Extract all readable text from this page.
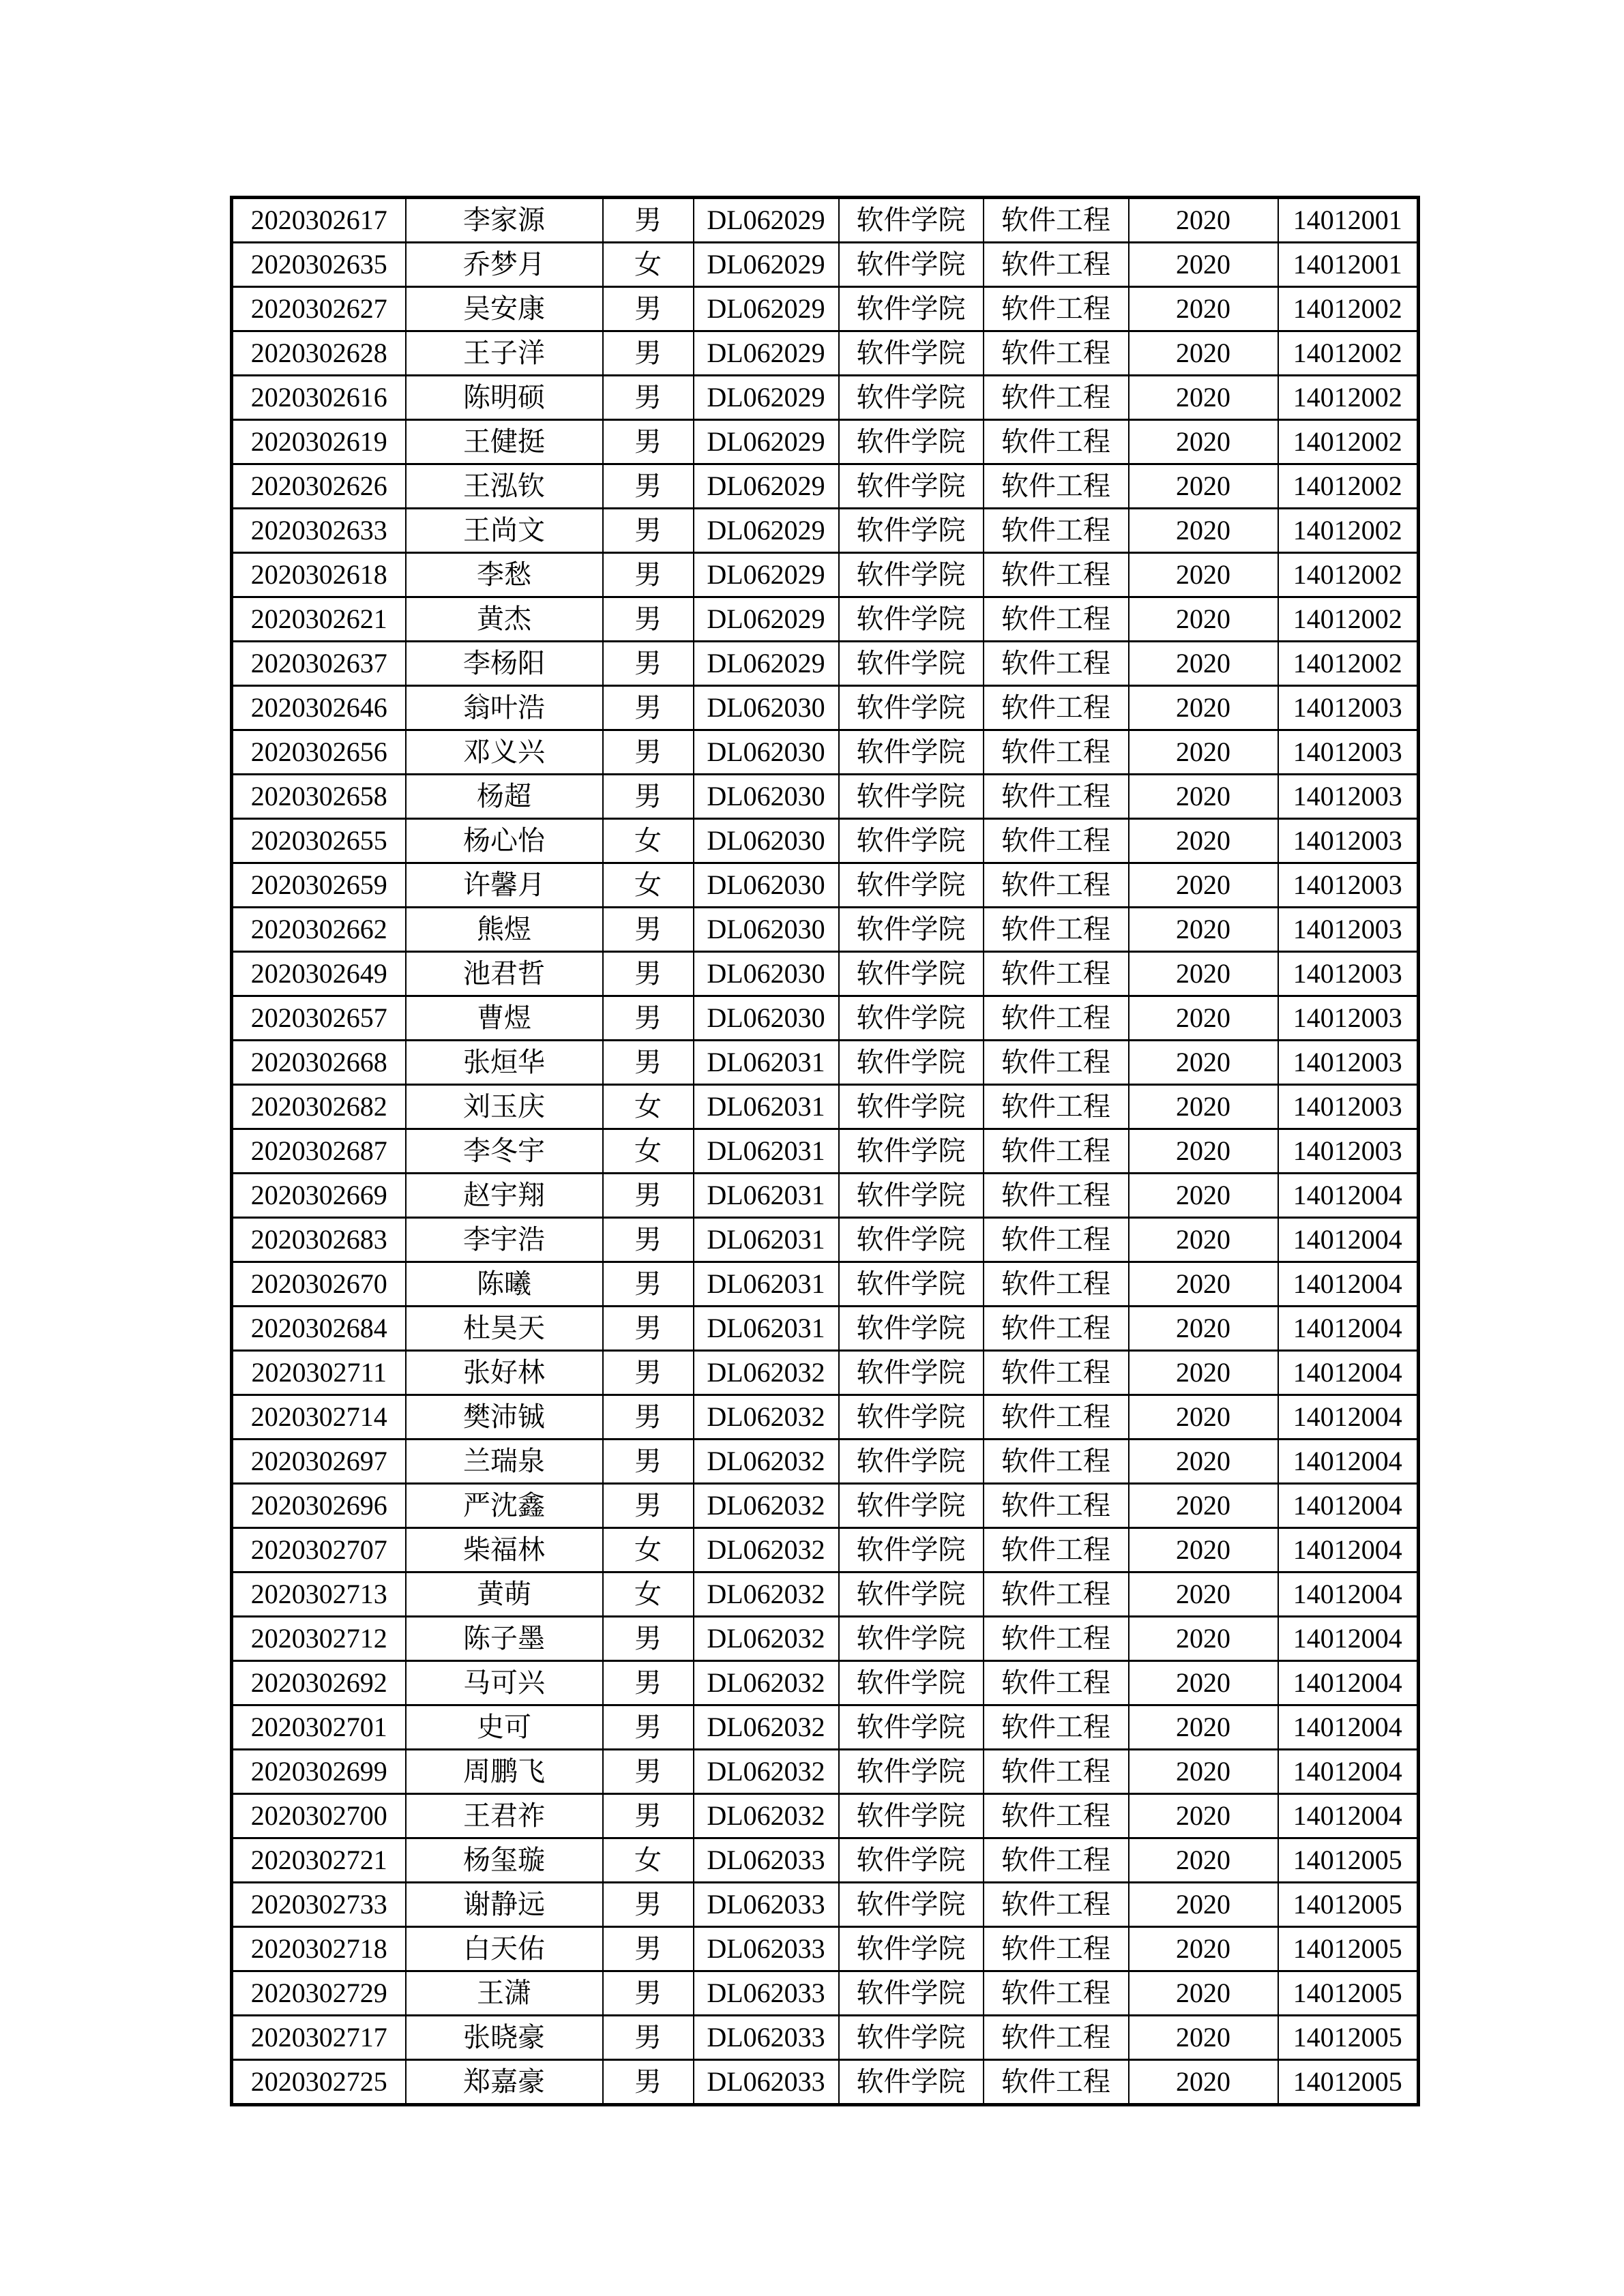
2020302617	李家源	男	DL062029	软件学院	软件工程	2020	14012001
2020302635	乔梦月	女	DL062029	软件学院	软件工程	2020	14012001
2020302627	吴安康	男	DL062029	软件学院	软件工程	2020	14012002
2020302628	王子洋	男	DL062029	软件学院	软件工程	2020	14012002
2020302616	陈明硕	男	DL062029	软件学院	软件工程	2020	14012002
2020302619	王健挺	男	DL062029	软件学院	软件工程	2020	14012002
2020302626	王泓钦	男	DL062029	软件学院	软件工程	2020	14012002
2020302633	王尚文	男	DL062029	软件学院	软件工程	2020	14012002
2020302618	李愁	男	DL062029	软件学院	软件工程	2020	14012002
2020302621	黄杰	男	DL062029	软件学院	软件工程	2020	14012002
2020302637	李杨阳	男	DL062029	软件学院	软件工程	2020	14012002
2020302646	翁叶浩	男	DL062030	软件学院	软件工程	2020	14012003
2020302656	邓义兴	男	DL062030	软件学院	软件工程	2020	14012003
2020302658	杨超	男	DL062030	软件学院	软件工程	2020	14012003
2020302655	杨心怡	女	DL062030	软件学院	软件工程	2020	14012003
2020302659	许馨月	女	DL062030	软件学院	软件工程	2020	14012003
2020302662	熊煜	男	DL062030	软件学院	软件工程	2020	14012003
2020302649	池君哲	男	DL062030	软件学院	软件工程	2020	14012003
2020302657	曹煜	男	DL062030	软件学院	软件工程	2020	14012003
2020302668	张烜华	男	DL062031	软件学院	软件工程	2020	14012003
2020302682	刘玉庆	女	DL062031	软件学院	软件工程	2020	14012003
2020302687	李冬宇	女	DL062031	软件学院	软件工程	2020	14012003
2020302669	赵宇翔	男	DL062031	软件学院	软件工程	2020	14012004
2020302683	李宇浩	男	DL062031	软件学院	软件工程	2020	14012004
2020302670	陈曦	男	DL062031	软件学院	软件工程	2020	14012004
2020302684	杜昊天	男	DL062031	软件学院	软件工程	2020	14012004
2020302711	张好林	男	DL062032	软件学院	软件工程	2020	14012004
2020302714	樊沛铖	男	DL062032	软件学院	软件工程	2020	14012004
2020302697	兰瑞泉	男	DL062032	软件学院	软件工程	2020	14012004
2020302696	严沈鑫	男	DL062032	软件学院	软件工程	2020	14012004
2020302707	柴福林	女	DL062032	软件学院	软件工程	2020	14012004
2020302713	黄萌	女	DL062032	软件学院	软件工程	2020	14012004
2020302712	陈子墨	男	DL062032	软件学院	软件工程	2020	14012004
2020302692	马可兴	男	DL062032	软件学院	软件工程	2020	14012004
2020302701	史可	男	DL062032	软件学院	软件工程	2020	14012004
2020302699	周鹏飞	男	DL062032	软件学院	软件工程	2020	14012004
2020302700	王君祚	男	DL062032	软件学院	软件工程	2020	14012004
2020302721	杨玺璇	女	DL062033	软件学院	软件工程	2020	14012005
2020302733	谢静远	男	DL062033	软件学院	软件工程	2020	14012005
2020302718	白天佑	男	DL062033	软件学院	软件工程	2020	14012005
2020302729	王潇	男	DL062033	软件学院	软件工程	2020	14012005
2020302717	张晓豪	男	DL062033	软件学院	软件工程	2020	14012005
2020302725	郑嘉豪	男	DL062033	软件学院	软件工程	2020	14012005
